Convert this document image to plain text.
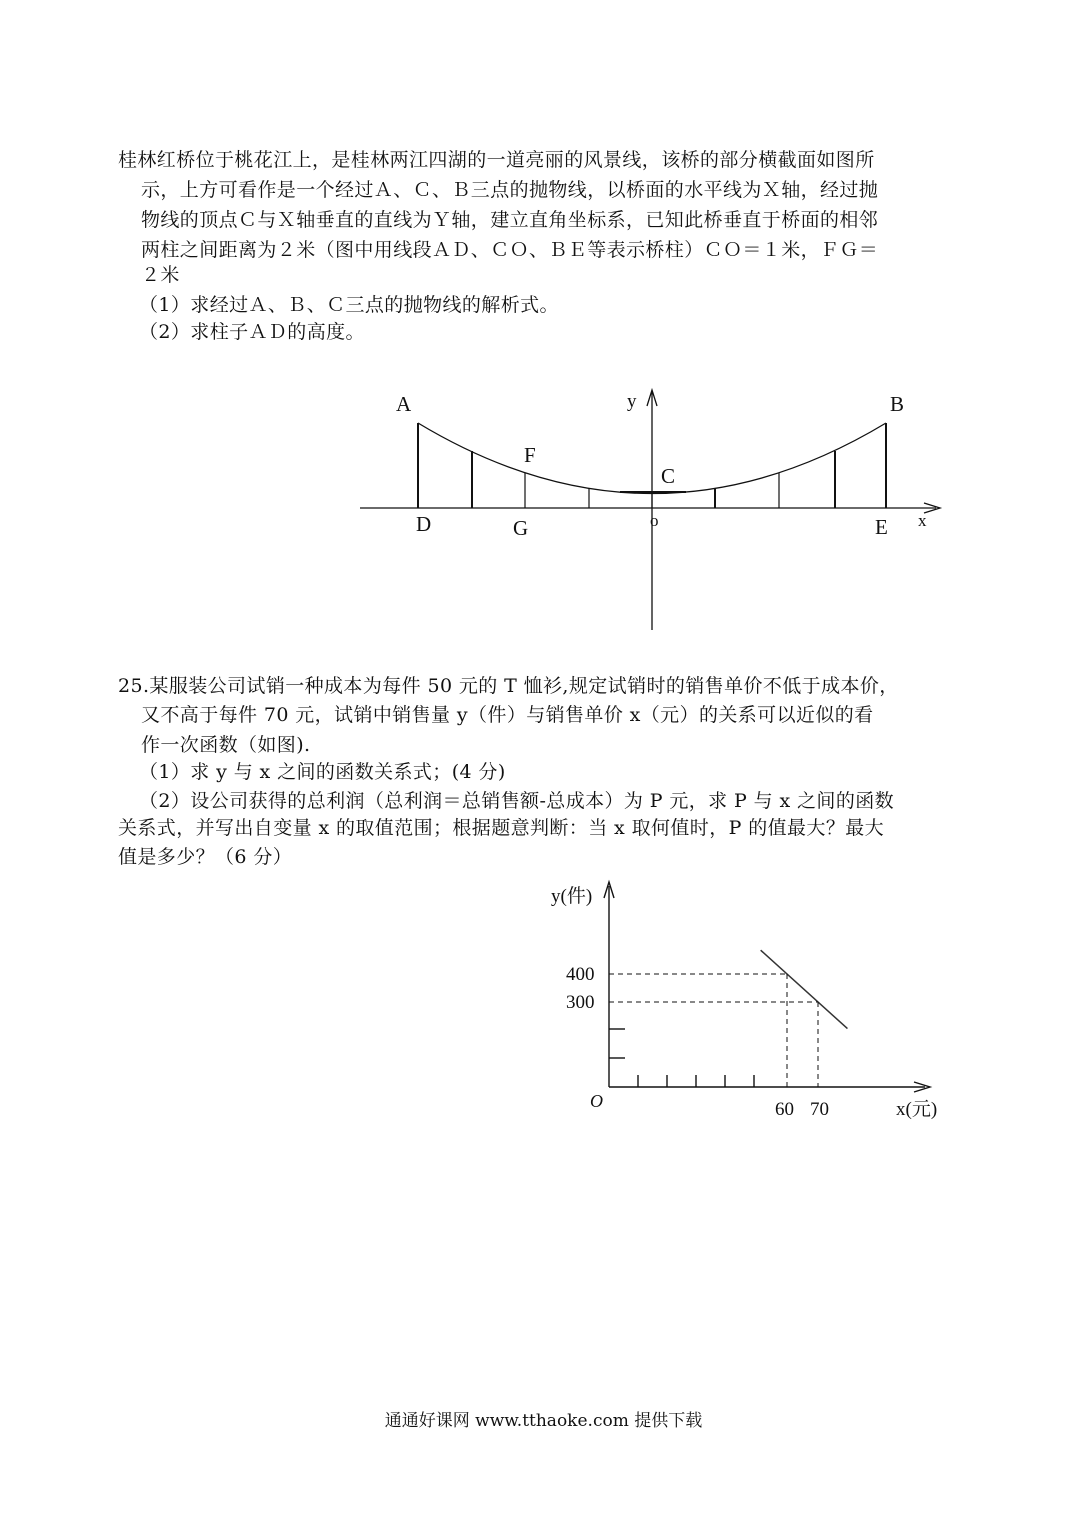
桂林红桥位于桃花江上，是桂林两江四湖的一道亮丽的风景线，该桥的部分横截面如图所
示，上方可看作是一个经过Ａ、Ｃ、Ｂ三点的抛物线，以桥面的水平线为Ｘ轴，经过抛
物线的顶点Ｃ与Ｘ轴垂直的直线为Ｙ轴，建立直角坐标系，已知此桥垂直于桥面的相邻
两柱之间距离为２米（图中用线段ＡＤ、ＣＯ、ＢＥ等表示桥柱）ＣＯ＝１米，ＦＧ＝
２米
（1）求经过Ａ、Ｂ、Ｃ三点的抛物线的解析式。
（2）求柱子ＡＤ的高度。
A	B
C
D	E
F
G	o	x
y
25.某服装公司试销一种成本为每件 50 元的 T 恤衫,规定试销时的销售单价不低于成本价，
又不高于每件 70 元，试销中销售量 y（件）与销售单价 x（元）的关系可以近似的看
作一次函数（如图).
（1）求 y 与 x 之间的函数关系式；(4 分)
（2）设公司获得的总利润（总利润＝总销售额-总成本）为 P 元，求 P 与 x 之间的函数
关系式，并写出自变量 x 的取值范围；根据题意判断：当 x 取何值时，P 的值最大？最大
值是多少？（6 分）
y(件)
x(元)
O
400
300
60 70
通通好课网 www.tthaoke.com 提供下载
